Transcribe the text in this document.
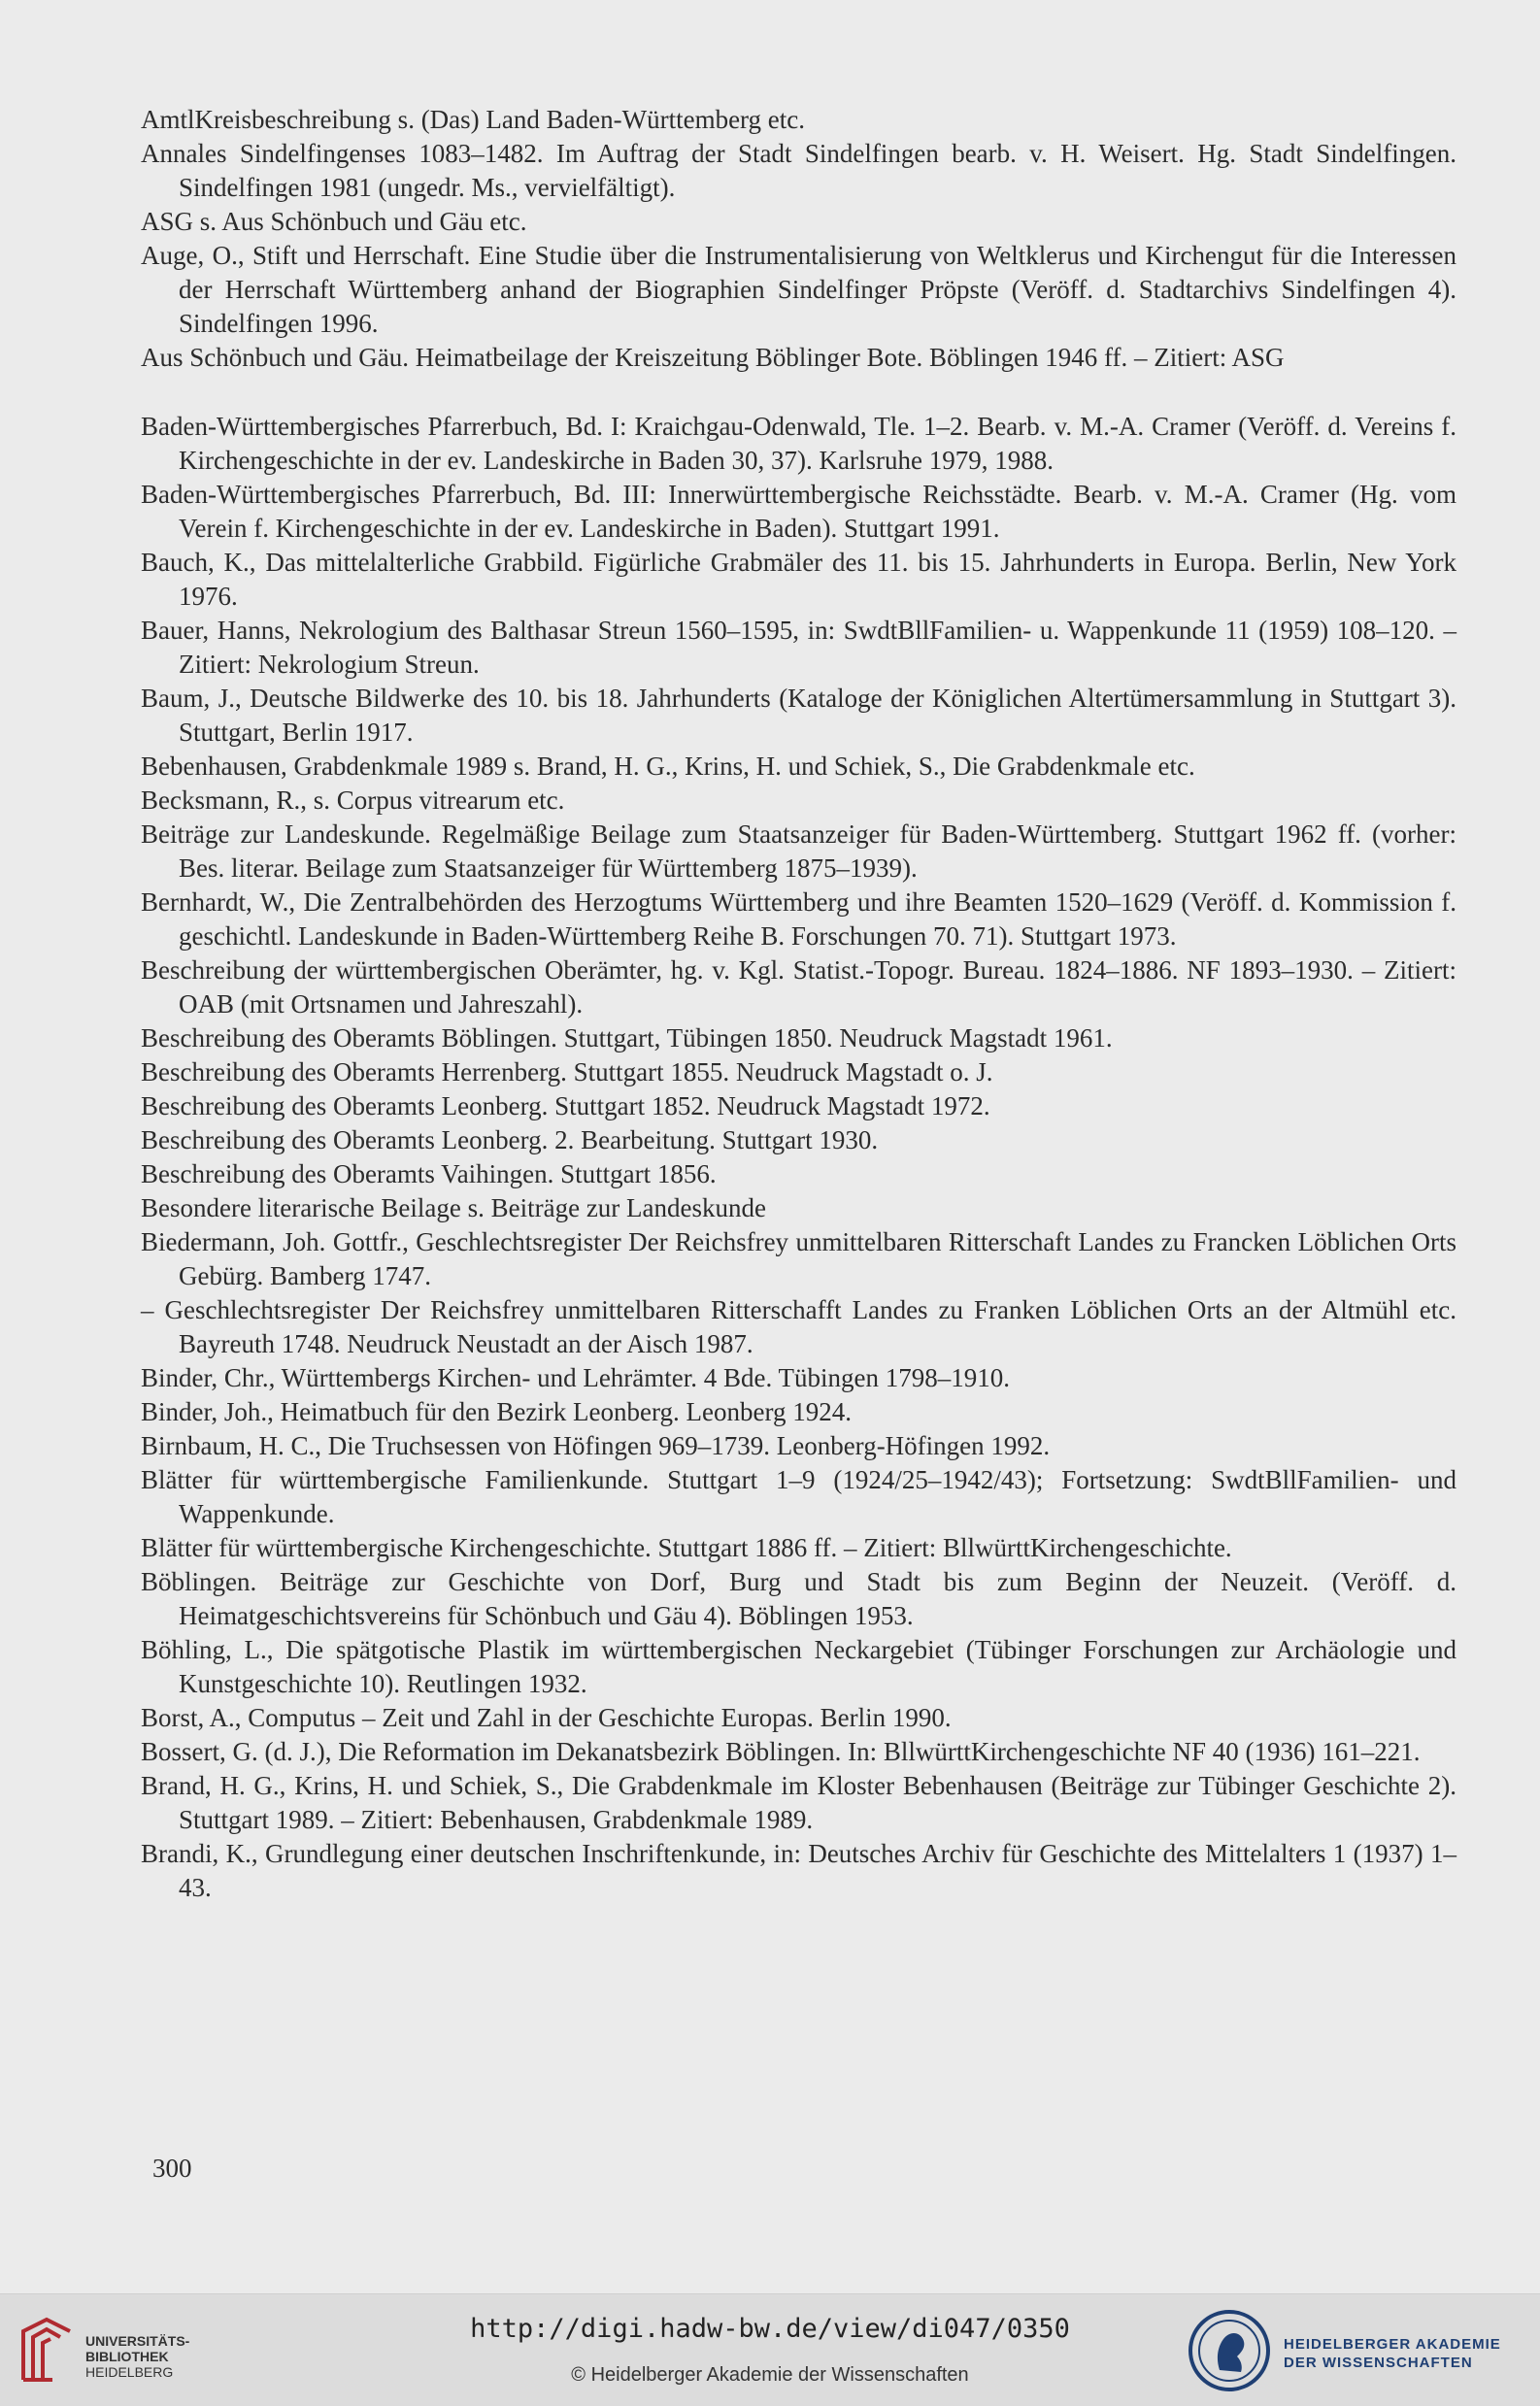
AmtlKreisbeschreibung s. (Das) Land Baden-Württemberg etc.

Annales Sindelfingenses 1083–1482. Im Auftrag der Stadt Sindelfingen bearb. v. H. Weisert. Hg. Stadt Sindelfingen. Sindelfingen 1981 (ungedr. Ms., vervielfältigt).

ASG s. Aus Schönbuch und Gäu etc.

Auge, O., Stift und Herrschaft. Eine Studie über die Instrumentalisierung von Weltklerus und Kirchengut für die Interessen der Herrschaft Württemberg anhand der Biographien Sindelfinger Pröpste (Veröff. d. Stadtarchivs Sindelfingen 4). Sindelfingen 1996.

Aus Schönbuch und Gäu. Heimatbeilage der Kreiszeitung Böblinger Bote. Böblingen 1946 ff. – Zitiert: ASG

Baden-Württembergisches Pfarrerbuch, Bd. I: Kraichgau-Odenwald, Tle. 1–2. Bearb. v. M.-A. Cramer (Veröff. d. Vereins f. Kirchengeschichte in der ev. Landeskirche in Baden 30, 37). Karlsruhe 1979, 1988.

Baden-Württembergisches Pfarrerbuch, Bd. III: Innerwürttembergische Reichsstädte. Bearb. v. M.-A. Cramer (Hg. vom Verein f. Kirchengeschichte in der ev. Landeskirche in Baden). Stuttgart 1991.

Bauch, K., Das mittelalterliche Grabbild. Figürliche Grabmäler des 11. bis 15. Jahrhunderts in Europa. Berlin, New York 1976.

Bauer, Hanns, Nekrologium des Balthasar Streun 1560–1595, in: SwdtBllFamilien- u. Wappenkunde 11 (1959) 108–120. – Zitiert: Nekrologium Streun.

Baum, J., Deutsche Bildwerke des 10. bis 18. Jahrhunderts (Kataloge der Königlichen Altertümersammlung in Stuttgart 3). Stuttgart, Berlin 1917.

Bebenhausen, Grabdenkmale 1989 s. Brand, H. G., Krins, H. und Schiek, S., Die Grabdenkmale etc.

Becksmann, R., s. Corpus vitrearum etc.

Beiträge zur Landeskunde. Regelmäßige Beilage zum Staatsanzeiger für Baden-Württemberg. Stuttgart 1962 ff. (vorher: Bes. literar. Beilage zum Staatsanzeiger für Württemberg 1875–1939).

Bernhardt, W., Die Zentralbehörden des Herzogtums Württemberg und ihre Beamten 1520–1629 (Veröff. d. Kommission f. geschichtl. Landeskunde in Baden-Württemberg Reihe B. Forschungen 70. 71). Stuttgart 1973.

Beschreibung der württembergischen Oberämter, hg. v. Kgl. Statist.-Topogr. Bureau. 1824–1886. NF 1893–1930. – Zitiert: OAB (mit Ortsnamen und Jahreszahl).

Beschreibung des Oberamts Böblingen. Stuttgart, Tübingen 1850. Neudruck Magstadt 1961.

Beschreibung des Oberamts Herrenberg. Stuttgart 1855. Neudruck Magstadt o. J.

Beschreibung des Oberamts Leonberg. Stuttgart 1852. Neudruck Magstadt 1972.

Beschreibung des Oberamts Leonberg. 2. Bearbeitung. Stuttgart 1930.

Beschreibung des Oberamts Vaihingen. Stuttgart 1856.

Besondere literarische Beilage s. Beiträge zur Landeskunde

Biedermann, Joh. Gottfr., Geschlechtsregister Der Reichsfrey unmittelbaren Ritterschaft Landes zu Francken Löblichen Orts Gebürg. Bamberg 1747.

– Geschlechtsregister Der Reichsfrey unmittelbaren Ritterschafft Landes zu Franken Löblichen Orts an der Altmühl etc. Bayreuth 1748. Neudruck Neustadt an der Aisch 1987.

Binder, Chr., Württembergs Kirchen- und Lehrämter. 4 Bde. Tübingen 1798–1910.

Binder, Joh., Heimatbuch für den Bezirk Leonberg. Leonberg 1924.

Birnbaum, H. C., Die Truchsessen von Höfingen 969–1739. Leonberg-Höfingen 1992.

Blätter für württembergische Familienkunde. Stuttgart 1–9 (1924/25–1942/43); Fortsetzung: SwdtBllFamilien- und Wappenkunde.

Blätter für württembergische Kirchengeschichte. Stuttgart 1886 ff. – Zitiert: BllwürttKirchengeschichte.

Böblingen. Beiträge zur Geschichte von Dorf, Burg und Stadt bis zum Beginn der Neuzeit. (Veröff. d. Heimatgeschichtsvereins für Schönbuch und Gäu 4). Böblingen 1953.

Böhling, L., Die spätgotische Plastik im württembergischen Neckargebiet (Tübinger Forschungen zur Archäologie und Kunstgeschichte 10). Reutlingen 1932.

Borst, A., Computus – Zeit und Zahl in der Geschichte Europas. Berlin 1990.

Bossert, G. (d. J.), Die Reformation im Dekanatsbezirk Böblingen. In: BllwürttKirchengeschichte NF 40 (1936) 161–221.

Brand, H. G., Krins, H. und Schiek, S., Die Grabdenkmale im Kloster Bebenhausen (Beiträge zur Tübinger Geschichte 2). Stuttgart 1989. – Zitiert: Bebenhausen, Grabdenkmale 1989.

Brandi, K., Grundlegung einer deutschen Inschriftenkunde, in: Deutsches Archiv für Geschichte des Mittelalters 1 (1937) 1–43.

300
UNIVERSITÄTS-
BIBLIOTHEK
HEIDELBERG
http://digi.hadw-bw.de/view/di047/0350
© Heidelberger Akademie der Wissenschaften
HEIDELBERGER AKADEMIE
DER WISSENSCHAFTEN
